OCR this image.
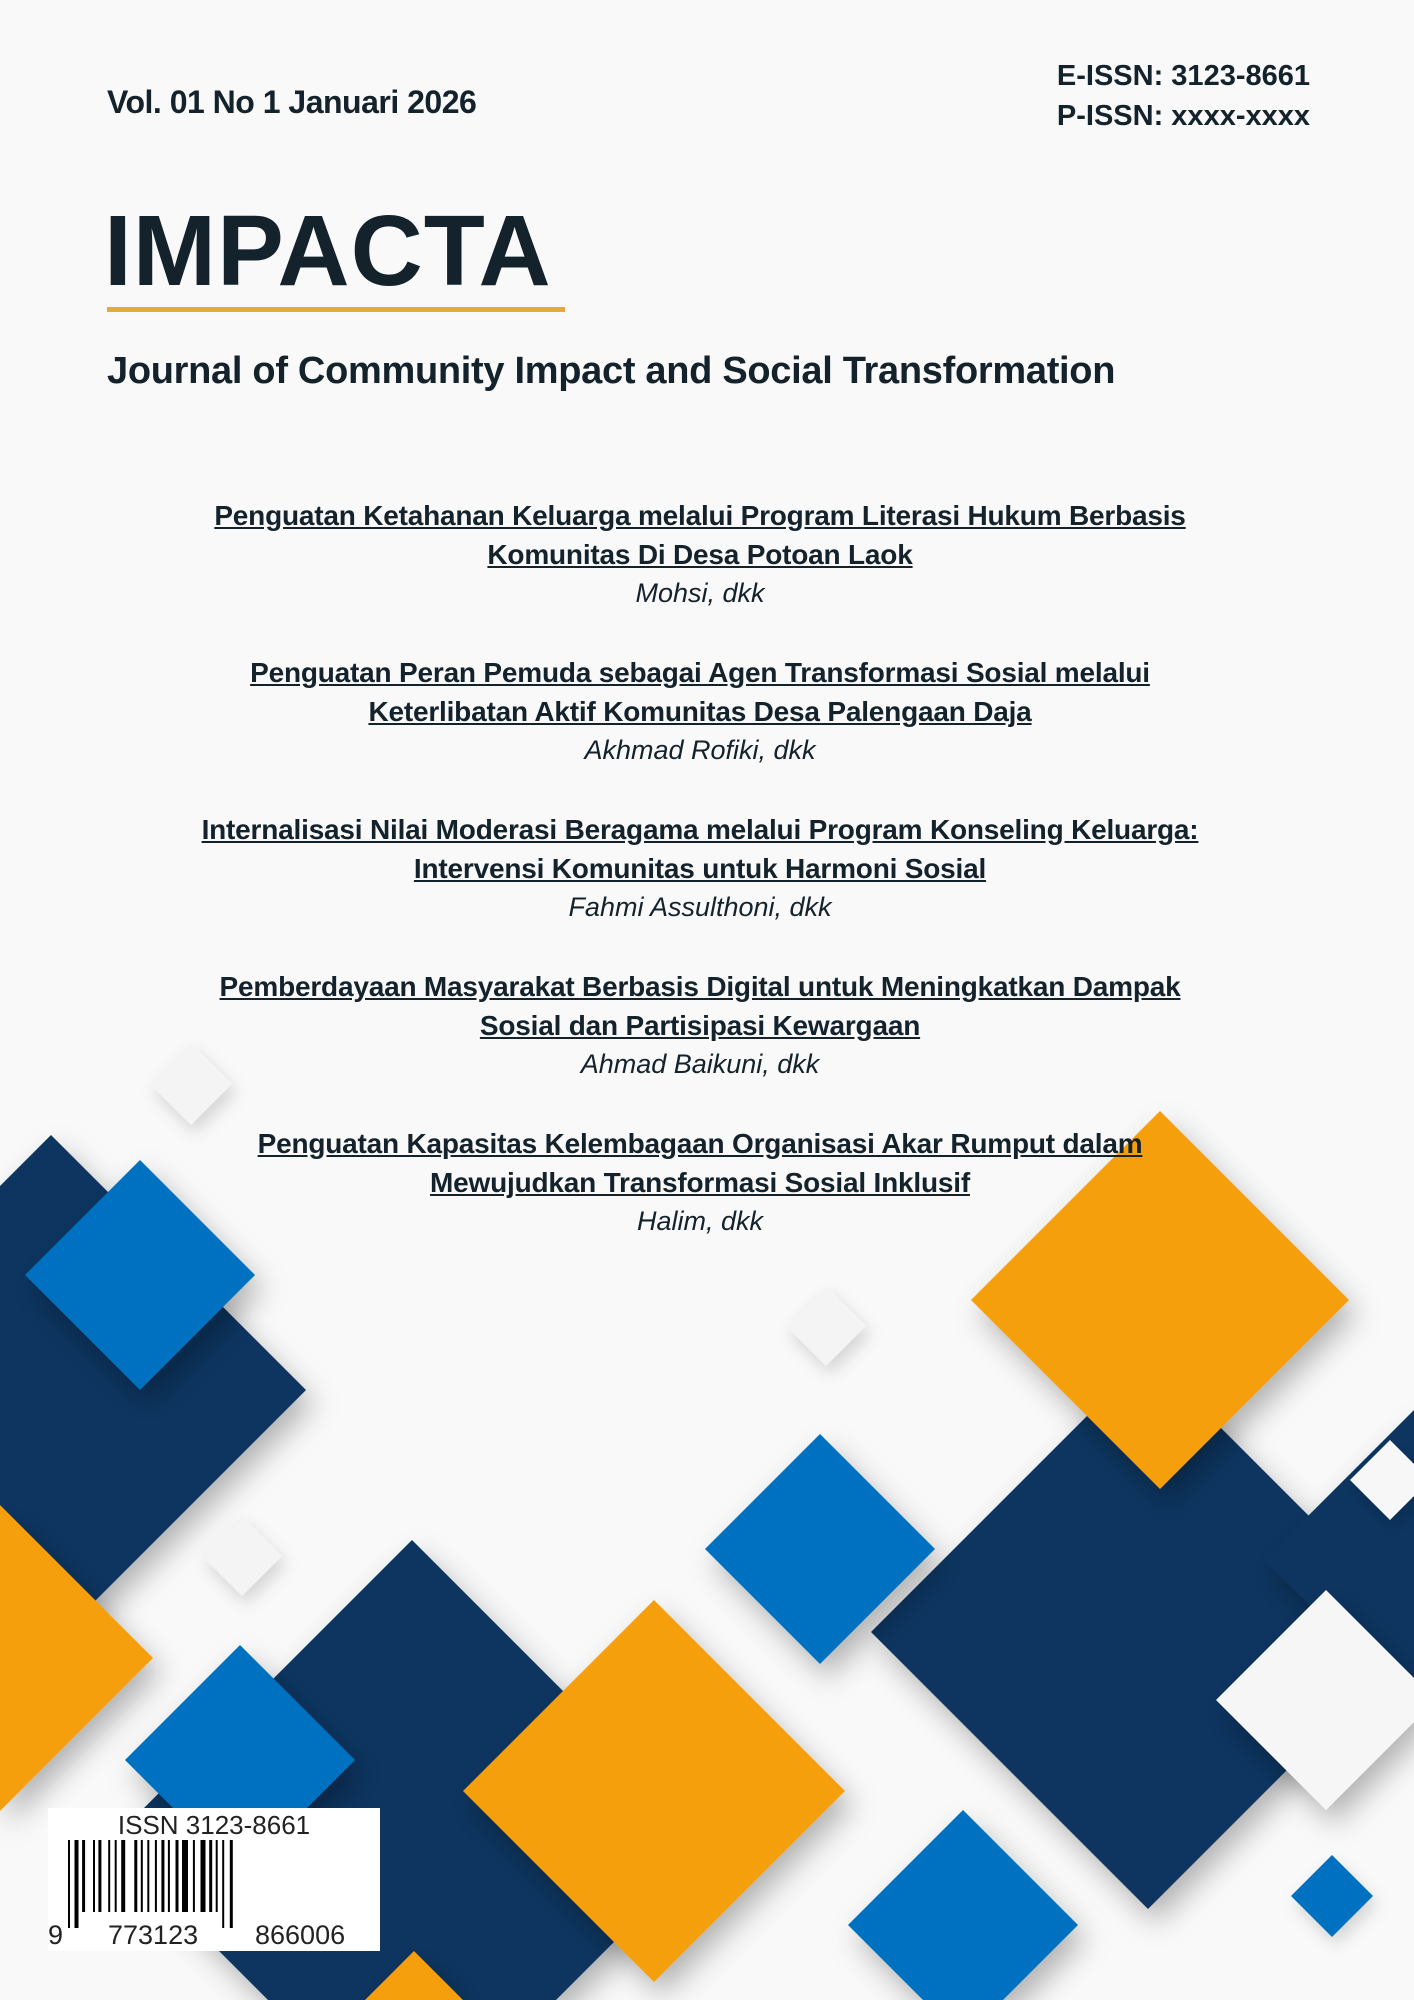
Vol. 01 No 1 Januari 2026
E-ISSN: 3123-8661
P-ISSN: xxxx-xxxx
IMPACTA
Journal of Community Impact and Social Transformation
Penguatan Ketahanan Keluarga melalui Program Literasi Hukum Berbasis
Komunitas Di Desa Potoan Laok
Mohsi, dkk
Penguatan Peran Pemuda sebagai Agen Transformasi Sosial melalui
Keterlibatan Aktif Komunitas Desa Palengaan Daja
Akhmad Rofiki, dkk
Internalisasi Nilai Moderasi Beragama melalui Program Konseling Keluarga:
Intervensi Komunitas untuk Harmoni Sosial
Fahmi Assulthoni, dkk
Pemberdayaan Masyarakat Berbasis Digital untuk Meningkatkan Dampak
Sosial dan Partisipasi Kewargaan
Ahmad Baikuni, dkk
Penguatan Kapasitas Kelembagaan Organisasi Akar Rumput dalam
Mewujudkan Transformasi Sosial Inklusif
Halim, dkk
ISSN 3123-8661
9 773123 866006
